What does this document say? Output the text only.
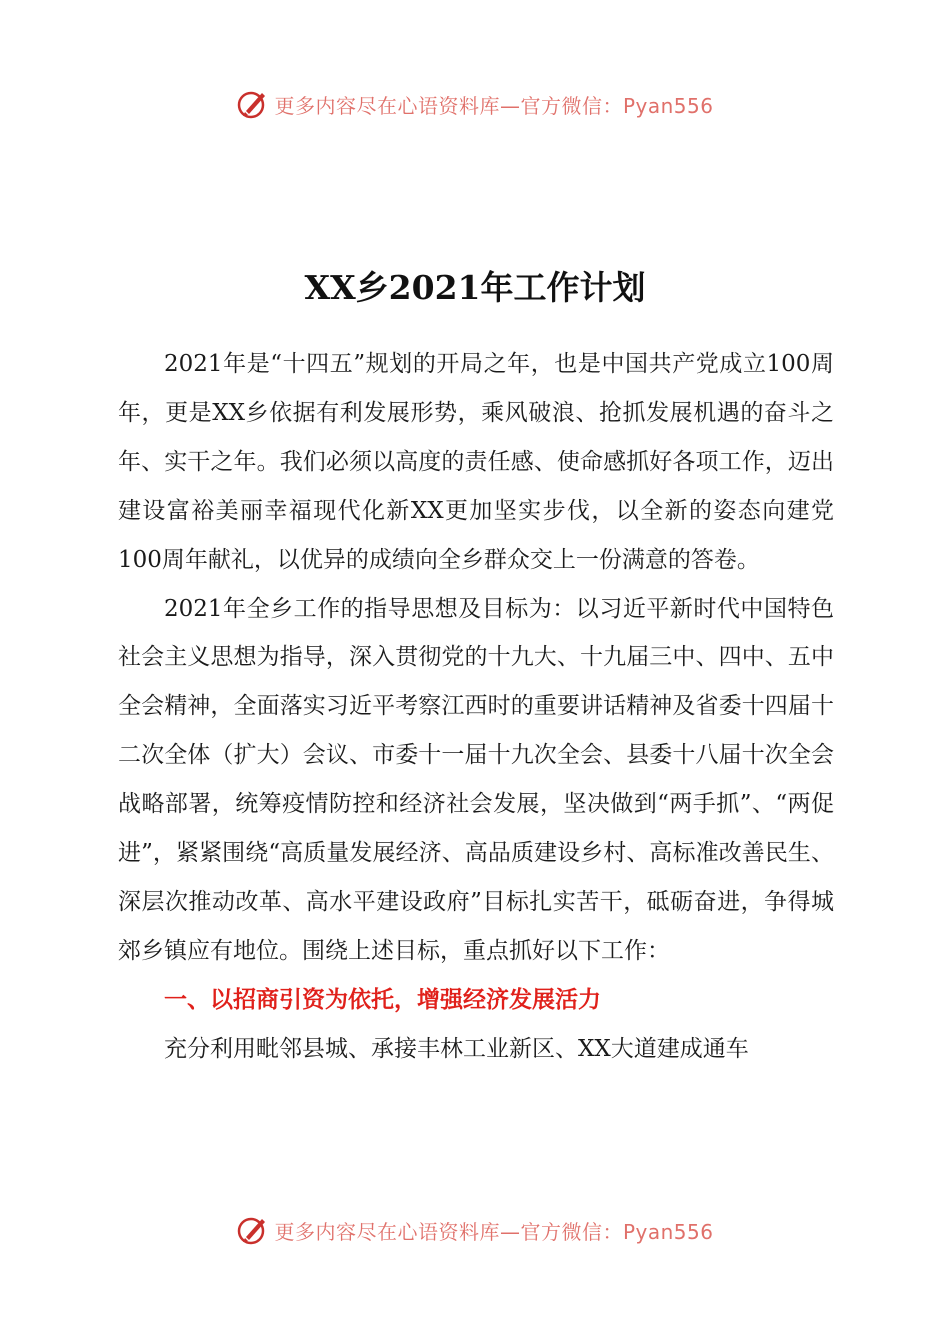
更多内容尽在心语资料库—官方微信：Pyan556
XX乡2021年工作计划

2021年是“十四五”规划的开局之年，也是中国共产党成立100周年，更是XX乡依据有利发展形势，乘风破浪、抢抓发展机遇的奋斗之年、实干之年。我们必须以高度的责任感、使命感抓好各项工作，迈出建设富裕美丽幸福现代化新XX更加坚实步伐，以全新的姿态向建党100周年献礼，以优异的成绩向全乡群众交上一份满意的答卷。

2021年全乡工作的指导思想及目标为：以习近平新时代中国特色社会主义思想为指导，深入贯彻党的十九大、十九届三中、四中、五中全会精神，全面落实习近平考察江西时的重要讲话精神及省委十四届十二次全体（扩大）会议、市委十一届十九次全会、县委十八届十次全会战略部署，统筹疫情防控和经济社会发展，坚决做到“两手抓”、“两促进”，紧紧围绕“高质量发展经济、高品质建设乡村、高标准改善民生、深层次推动改革、高水平建设政府”目标扎实苦干，砥砺奋进，争得城郊乡镇应有地位。围绕上述目标，重点抓好以下工作：

一、以招商引资为依托，增强经济发展活力

充分利用毗邻县城、承接丰林工业新区、XX大道建成通车

更多内容尽在心语资料库—官方微信：Pyan556
